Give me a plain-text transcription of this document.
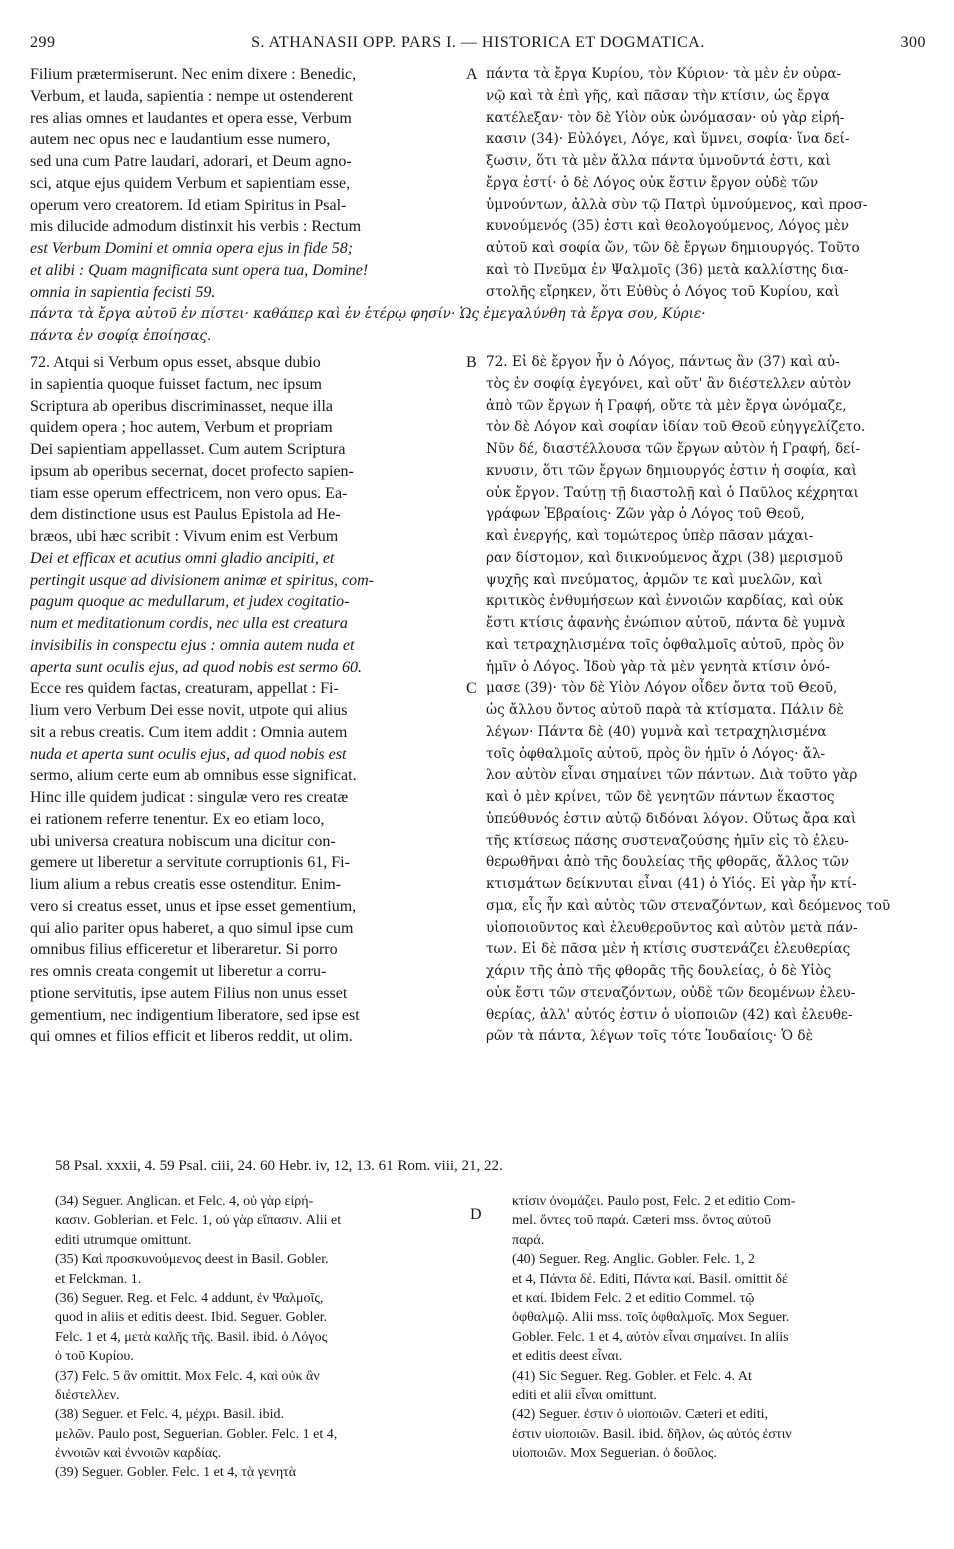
299	S. ATHANASII OPP. PARS I. — HISTORICA ET DOGMATICA.	300
Filium prætermiserunt. Nec enim dixere : Benedic,
Verbum, et lauda, sapientia : nempe ut ostenderent
res alias omnes et laudantes et opera esse, Verbum
autem nec opus nec e laudantium esse numero,
sed una cum Patre laudari, adorari, et Deum agno-
sci, atque ejus quidem Verbum et sapientiam esse,
operum vero creatorem. Id etiam Spiritus in Psal-
mis dilucide admodum distinxit his verbis : Rectum
est Verbum Domini et omnia opera ejus in fide 58;
et alibi : Quam magnificata sunt opera tua, Domine!
omnia in sapientia fecisti 59.
A πάντα τὰ ἔργα Κυρίου, τὸν Κύριον· τὰ μὲν ἐν οὐρα-
νῷ καὶ τὰ ἐπὶ γῆς, καὶ πᾶσαν τὴν κτίσιν, ὡς ἔργα
κατέλεξαν· τὸν δὲ Υἱὸν οὐκ ὠνόμασαν· οὐ γὰρ εἰρή-
κασιν (34)· Εὐλόγει, Λόγε, καὶ ὕμνει, σοφία· ἵνα δεί-
ξωσιν, ὅτι τὰ μὲν ἄλλα πάντα ὑμνοῦντά ἐστι, καὶ
ἔργα ἐστί· ὁ δὲ Λόγος οὐκ ἔστιν ἔργον οὐδὲ τῶν
ὑμνούντων, ἀλλὰ σὺν τῷ Πατρὶ ὑμνούμενος, καὶ προσ-
κυνούμενός (35) ἐστι καὶ θεολογούμενος, Λόγος μὲν
αὐτοῦ καὶ σοφία ὤν, τῶν δὲ ἔργων δημιουργός. Τοῦτο
καὶ τὸ Πνεῦμα ἐν Ψαλμοῖς (36) μετὰ καλλίστης δια-
στολῆς εἴρηκεν, ὅτι Εὐθὺς ὁ Λόγος τοῦ Κυρίου, καὶ
πάντα τὰ ἔργα αὐτοῦ ἐν πίστει· καθάπερ καὶ ἐν ἑτέρῳ φησίν· Ὡς ἐμεγαλύνθη τὰ ἔργα σου, Κύριε·
πάντα ἐν σοφίᾳ ἐποίησας.
72. Atqui si Verbum opus esset, absque dubio
in sapientia quoque fuisset factum, nec ipsum
Scriptura ab operibus discriminasset, neque illa
quidem opera ; hoc autem, Verbum et propriam
Dei sapientiam appellasset. Cum autem Scriptura
ipsum ab operibus secernat, docet profecto sapien-
tiam esse operum effectricem, non vero opus. Ea-
dem distinctione usus est Paulus Epistola ad He-
bræos, ubi hæc scribit : Vivum enim est Verbum
Dei et efficax et acutius omni gladio ancipiti, et
pertingit usque ad divisionem animæ et spiritus, com-
pagum quoque ac medullarum, et judex cogitatio-
num et meditationum cordis, nec ulla est creatura
invisibilis in conspectu ejus : omnia autem nuda et
aperta sunt oculis ejus, ad quod nobis est sermo 60.
Ecce res quidem factas, creaturam, appellat : Fi-
lium vero Verbum Dei esse novit, utpote qui alius
sit a rebus creatis. Cum item addit : Omnia autem
nuda et aperta sunt oculis ejus, ad quod nobis est
sermo, alium certe eum ab omnibus esse significat.
Hinc ille quidem judicat : singulæ vero res creatæ
ei rationem referre tenentur. Ex eo etiam loco,
ubi universa creatura nobiscum una dicitur con-
gemere ut liberetur a servitute corruptionis 61, Fi-
lium alium a rebus creatis esse ostenditur. Enim-
vero si creatus esset, unus et ipse esset gementium,
qui alio pariter opus haberet, a quo simul ipse cum
omnibus filius efficeretur et liberaretur. Si porro
res omnis creata congemit ut liberetur a corru-
ptione servitutis, ipse autem Filius non unus esset
gementium, nec indigentium liberatore, sed ipse est
qui omnes et filios efficit et liberos reddit, ut olim.
B
C
72. Εἰ δὲ ἔργον ἦν ὁ Λόγος, πάντως ἂν (37) καὶ αὐ-
τὸς ἐν σοφίᾳ ἐγεγόνει, καὶ οὔτ' ἂν διέστελλεν αὐτὸν
ἀπὸ τῶν ἔργων ἡ Γραφή, οὔτε τὰ μὲν ἔργα ὠνόμαζε,
τὸν δὲ Λόγον καὶ σοφίαν ἰδίαν τοῦ Θεοῦ εὐηγγελίζετο.
Νῦν δέ, διαστέλλουσα τῶν ἔργων αὐτὸν ἡ Γραφή, δεί-
κνυσιν, ὅτι τῶν ἔργων δημιουργός ἐστιν ἡ σοφία, καὶ
οὐκ ἔργον. Ταύτῃ τῇ διαστολῇ καὶ ὁ Παῦλος κέχρηται
γράφων Ἑβραίοις· Ζῶν γὰρ ὁ Λόγος τοῦ Θεοῦ,
καὶ ἐνεργής, καὶ τομώτερος ὑπὲρ πᾶσαν μάχαι-
ραν δίστομον, καὶ διικνούμενος ἄχρι (38) μερισμοῦ
ψυχῆς καὶ πνεύματος, ἁρμῶν τε καὶ μυελῶν, καὶ
κριτικὸς ἐνθυμήσεων καὶ ἐννοιῶν καρδίας, καὶ οὐκ
ἔστι κτίσις ἀφανὴς ἐνώπιον αὐτοῦ, πάντα δὲ γυμνὰ
καὶ τετραχηλισμένα τοῖς ὀφθαλμοῖς αὐτοῦ, πρὸς ὃν
ἡμῖν ὁ Λόγος. Ἰδοὺ γὰρ τὰ μὲν γενητὰ κτίσιν ὀνό-
μασε (39)· τὸν δὲ Υἱὸν Λόγον οἶδεν ὄντα τοῦ Θεοῦ,
ὡς ἄλλου ὄντος αὐτοῦ παρὰ τὰ κτίσματα. Πάλιν δὲ
λέγων· Πάντα δὲ (40) γυμνὰ καὶ τετραχηλισμένα
τοῖς ὀφθαλμοῖς αὐτοῦ, πρὸς ὃν ἡμῖν ὁ Λόγος· ἄλ-
λον αὐτὸν εἶναι σημαίνει τῶν πάντων. Διὰ τοῦτο γὰρ
καὶ ὁ μὲν κρίνει, τῶν δὲ γενητῶν πάντων ἕκαστος
ὑπεύθυνός ἐστιν αὐτῷ διδόναι λόγον. Οὕτως ἄρα καὶ
τῆς κτίσεως πάσης συστεναζούσης ἡμῖν εἰς τὸ ἐλευ-
θερωθῆναι ἀπὸ τῆς δουλείας τῆς φθορᾶς, ἄλλος τῶν
κτισμάτων δείκνυται εἶναι (41) ὁ Υἱός. Εἰ γὰρ ἦν κτί-
σμα, εἷς ἦν καὶ αὐτὸς τῶν στεναζόντων, καὶ δεόμενος τοῦ
υἱοποιοῦντος καὶ ἐλευθεροῦντος καὶ αὐτὸν μετὰ πάν-
των. Εἰ δὲ πᾶσα μὲν ἡ κτίσις συστενάζει ἐλευθερίας
χάριν τῆς ἀπὸ τῆς φθορᾶς τῆς δουλείας, ὁ δὲ Υἱὸς
οὐκ ἔστι τῶν στεναζόντων, οὐδὲ τῶν δεομένων ἐλευ-
θερίας, ἀλλ' αὐτός ἐστιν ὁ υἱοποιῶν (42) καὶ ἐλευθε-
ρῶν τὰ πάντα, λέγων τοῖς τότε Ἰουδαίοις· Ὁ δὲ
58 Psal. xxxii, 4. 59 Psal. ciii, 24. 60 Hebr. iv, 12, 13. 61 Rom. viii, 21, 22.
(34) Seguer. Anglican. et Felc. 4, οὐ γὰρ εἰρή-
κασιν. Goblerian. et Felc. 1, οὐ γὰρ εἴπασιν. Alii et
editi utrumque omittunt.
(35) Καὶ προσκυνούμενος deest in Basil. Gobler.
et Felckman. 1.
(36) Seguer. Reg. et Felc. 4 addunt, ἐν Ψαλμοῖς,
quod in aliis et editis deest. Ibid. Seguer. Gobler.
Felc. 1 et 4, μετὰ καλῆς τῆς. Basil. ibid. ὁ Λόγος
ὁ τοῦ Κυρίου.
(37) Felc. 5 ἂν omittit. Mox Felc. 4, καὶ οὐκ ἂν
διέστελλεν.
(38) Seguer. et Felc. 4, μέχρι. Basil. ibid.
μελῶν. Paulo post, Seguerian. Gobler. Felc. 1 et 4,
ἐννοιῶν καὶ ἐννοιῶν καρδίας.
(39) Seguer. Gobler. Felc. 1 et 4, τὰ γενητὰ
D
κτίσιν ὀνομάζει. Paulo post, Felc. 2 et editio Com-
mel. ὄντες τοῦ παρά. Cæteri mss. ὄντος αὐτοῦ
παρά.
(40) Seguer. Reg. Anglic. Gobler. Felc. 1, 2
et 4, Πάντα δέ. Editi, Πάντα καί. Basil. omittit δέ
et καί. Ibidem Felc. 2 et editio Commel. τῷ
ὀφθαλμῷ. Alii mss. τοῖς ὀφθαλμοῖς. Mox Seguer.
Gobler. Felc. 1 et 4, αὐτὸν εἶναι σημαίνει. In aliis
et editis deest εἶναι.
(41) Sic Seguer. Reg. Gobler. et Felc. 4. At
editi et alii εἶναι omittunt.
(42) Seguer. ἐστιν ὁ υἱοποιῶν. Cæteri et editi,
ἐστιν υἱοποιῶν. Basil. ibid. δῆλον, ὡς αὐτός ἐστιν
υἱοποιῶν. Mox Seguerian. ὁ δοῦλος.
